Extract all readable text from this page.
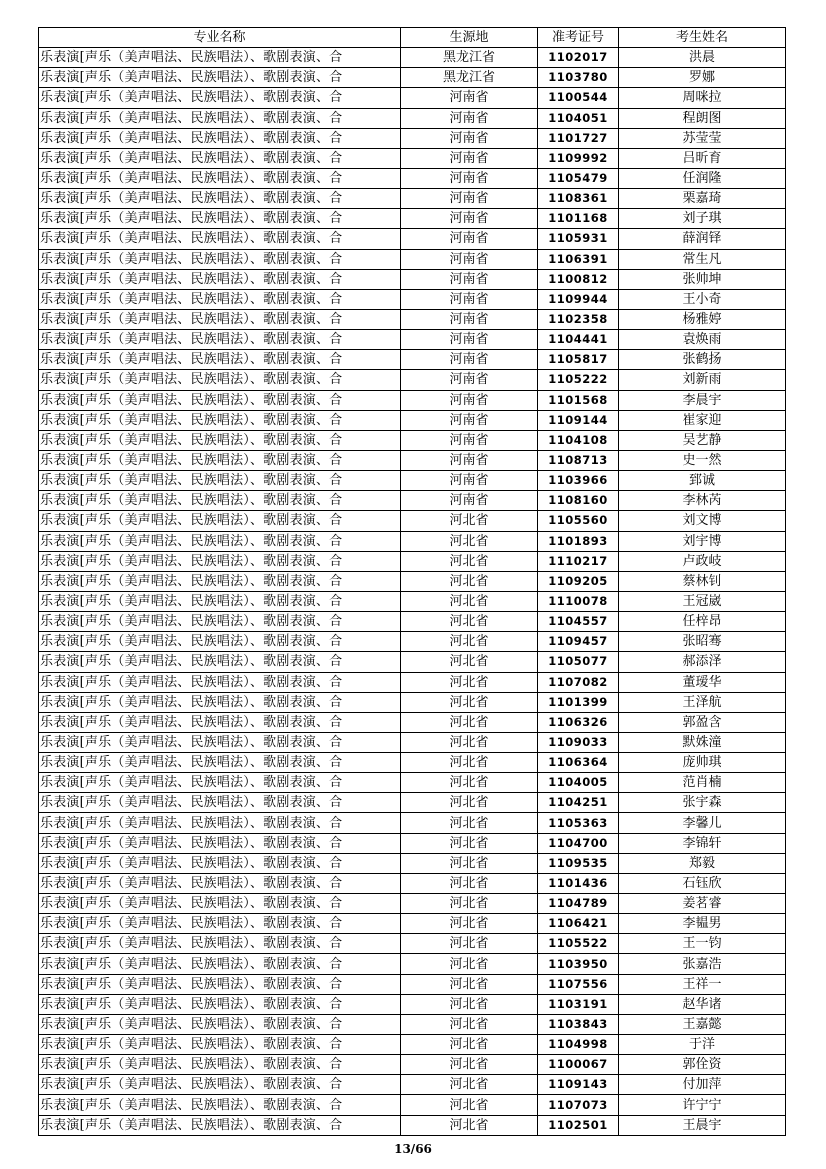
专业名称	生源地	准考证号	考生姓名
乐表演[声乐（美声唱法、民族唱法）、歌剧表演、合	黑龙江省	1102017	洪晨
乐表演[声乐（美声唱法、民族唱法）、歌剧表演、合	黑龙江省	1103780	罗娜
乐表演[声乐（美声唱法、民族唱法）、歌剧表演、合	河南省	1100544	周咪拉
乐表演[声乐（美声唱法、民族唱法）、歌剧表演、合	河南省	1104051	程朗图
乐表演[声乐（美声唱法、民族唱法）、歌剧表演、合	河南省	1101727	苏莹莹
乐表演[声乐（美声唱法、民族唱法）、歌剧表演、合	河南省	1109992	吕昕育
乐表演[声乐（美声唱法、民族唱法）、歌剧表演、合	河南省	1105479	任润隆
乐表演[声乐（美声唱法、民族唱法）、歌剧表演、合	河南省	1108361	栗嘉琦
乐表演[声乐（美声唱法、民族唱法）、歌剧表演、合	河南省	1101168	刘子琪
乐表演[声乐（美声唱法、民族唱法）、歌剧表演、合	河南省	1105931	薛润铎
乐表演[声乐（美声唱法、民族唱法）、歌剧表演、合	河南省	1106391	常生凡
乐表演[声乐（美声唱法、民族唱法）、歌剧表演、合	河南省	1100812	张帅坤
乐表演[声乐（美声唱法、民族唱法）、歌剧表演、合	河南省	1109944	王小奇
乐表演[声乐（美声唱法、民族唱法）、歌剧表演、合	河南省	1102358	杨雅婷
乐表演[声乐（美声唱法、民族唱法）、歌剧表演、合	河南省	1104441	袁焕雨
乐表演[声乐（美声唱法、民族唱法）、歌剧表演、合	河南省	1105817	张鹤扬
乐表演[声乐（美声唱法、民族唱法）、歌剧表演、合	河南省	1105222	刘新雨
乐表演[声乐（美声唱法、民族唱法）、歌剧表演、合	河南省	1101568	李晨宇
乐表演[声乐（美声唱法、民族唱法）、歌剧表演、合	河南省	1109144	崔家迎
乐表演[声乐（美声唱法、民族唱法）、歌剧表演、合	河南省	1104108	吴艺静
乐表演[声乐（美声唱法、民族唱法）、歌剧表演、合	河南省	1108713	史一然
乐表演[声乐（美声唱法、民族唱法）、歌剧表演、合	河南省	1103966	郅诚
乐表演[声乐（美声唱法、民族唱法）、歌剧表演、合	河南省	1108160	李林芮
乐表演[声乐（美声唱法、民族唱法）、歌剧表演、合	河北省	1105560	刘文博
乐表演[声乐（美声唱法、民族唱法）、歌剧表演、合	河北省	1101893	刘宇博
乐表演[声乐（美声唱法、民族唱法）、歌剧表演、合	河北省	1110217	卢政岐
乐表演[声乐（美声唱法、民族唱法）、歌剧表演、合	河北省	1109205	蔡林钊
乐表演[声乐（美声唱法、民族唱法）、歌剧表演、合	河北省	1110078	王冠崴
乐表演[声乐（美声唱法、民族唱法）、歌剧表演、合	河北省	1104557	任梓昂
乐表演[声乐（美声唱法、民族唱法）、歌剧表演、合	河北省	1109457	张昭骞
乐表演[声乐（美声唱法、民族唱法）、歌剧表演、合	河北省	1105077	郝添泽
乐表演[声乐（美声唱法、民族唱法）、歌剧表演、合	河北省	1107082	董瑷华
乐表演[声乐（美声唱法、民族唱法）、歌剧表演、合	河北省	1101399	王泽航
乐表演[声乐（美声唱法、民族唱法）、歌剧表演、合	河北省	1106326	郭盈含
乐表演[声乐（美声唱法、民族唱法）、歌剧表演、合	河北省	1109033	默姝潼
乐表演[声乐（美声唱法、民族唱法）、歌剧表演、合	河北省	1106364	庞帅琪
乐表演[声乐（美声唱法、民族唱法）、歌剧表演、合	河北省	1104005	范肖楠
乐表演[声乐（美声唱法、民族唱法）、歌剧表演、合	河北省	1104251	张宇森
乐表演[声乐（美声唱法、民族唱法）、歌剧表演、合	河北省	1105363	李馨儿
乐表演[声乐（美声唱法、民族唱法）、歌剧表演、合	河北省	1104700	李锦轩
乐表演[声乐（美声唱法、民族唱法）、歌剧表演、合	河北省	1109535	郑毅
乐表演[声乐（美声唱法、民族唱法）、歌剧表演、合	河北省	1101436	石钰欣
乐表演[声乐（美声唱法、民族唱法）、歌剧表演、合	河北省	1104789	姜茗睿
乐表演[声乐（美声唱法、民族唱法）、歌剧表演、合	河北省	1106421	李韫男
乐表演[声乐（美声唱法、民族唱法）、歌剧表演、合	河北省	1105522	王一钧
乐表演[声乐（美声唱法、民族唱法）、歌剧表演、合	河北省	1103950	张嘉浩
乐表演[声乐（美声唱法、民族唱法）、歌剧表演、合	河北省	1107556	王祥一
乐表演[声乐（美声唱法、民族唱法）、歌剧表演、合	河北省	1103191	赵华诸
乐表演[声乐（美声唱法、民族唱法）、歌剧表演、合	河北省	1103843	王嘉懿
乐表演[声乐（美声唱法、民族唱法）、歌剧表演、合	河北省	1104998	于洋
乐表演[声乐（美声唱法、民族唱法）、歌剧表演、合	河北省	1100067	郭佺资
乐表演[声乐（美声唱法、民族唱法）、歌剧表演、合	河北省	1109143	付加萍
乐表演[声乐（美声唱法、民族唱法）、歌剧表演、合	河北省	1107073	许宁宁
乐表演[声乐（美声唱法、民族唱法）、歌剧表演、合	河北省	1102501	王晨宇
13/66
